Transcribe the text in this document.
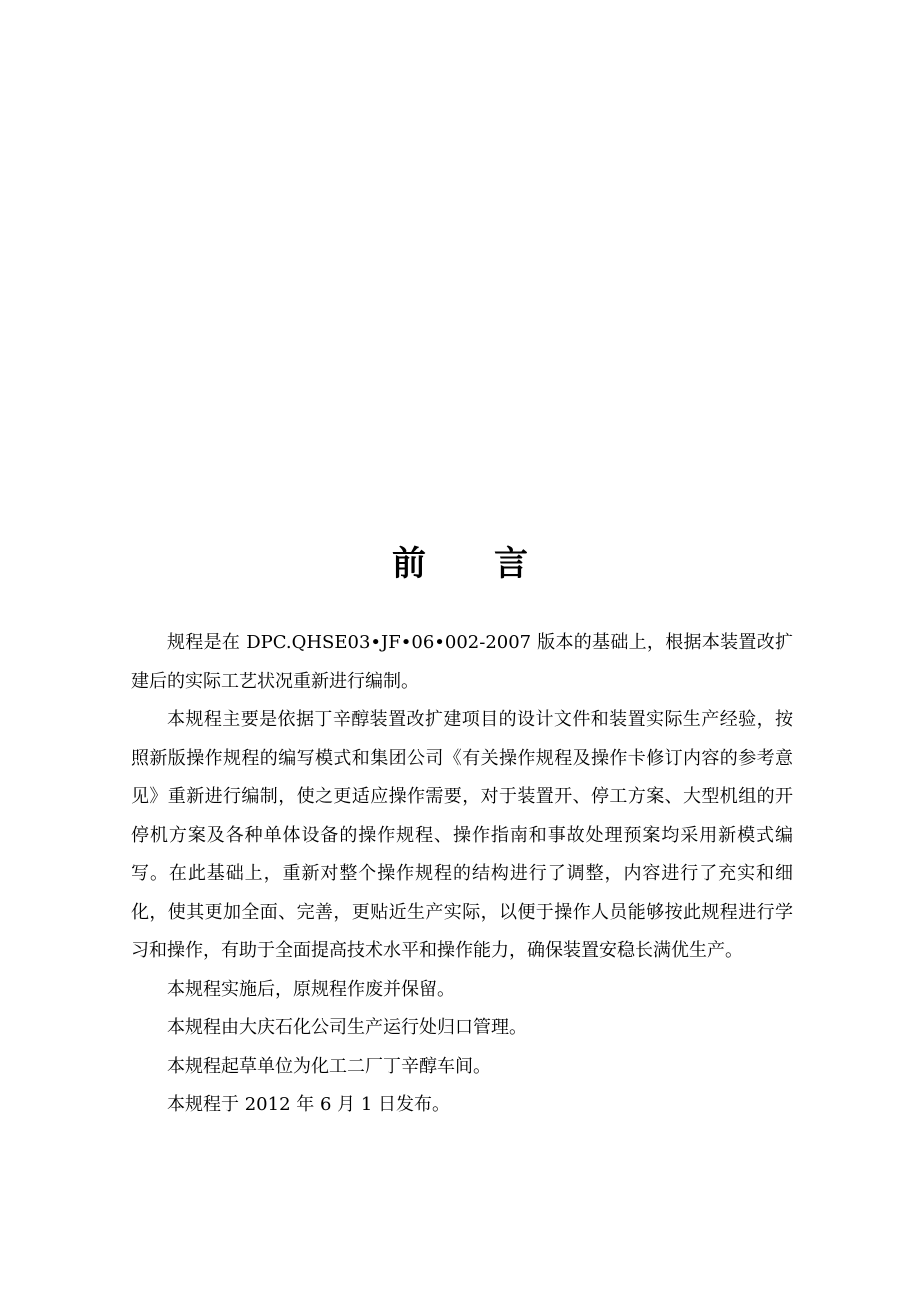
前 言

规程是在 DPC.QHSE03•JF•06•002-2007 版本的基础上，根据本装置改扩建后的实际工艺状况重新进行编制。

本规程主要是依据丁辛醇装置改扩建项目的设计文件和装置实际生产经验，按照新版操作规程的编写模式和集团公司《有关操作规程及操作卡修订内容的参考意见》重新进行编制，使之更适应操作需要，对于装置开、停工方案、大型机组的开停机方案及各种单体设备的操作规程、操作指南和事故处理预案均采用新模式编写。在此基础上，重新对整个操作规程的结构进行了调整，内容进行了充实和细化，使其更加全面、完善，更贴近生产实际，以便于操作人员能够按此规程进行学习和操作，有助于全面提高技术水平和操作能力，确保装置安稳长满优生产。

本规程实施后，原规程作废并保留。

本规程由大庆石化公司生产运行处归口管理。

本规程起草单位为化工二厂丁辛醇车间。

本规程于 2012 年 6 月 1 日发布。
